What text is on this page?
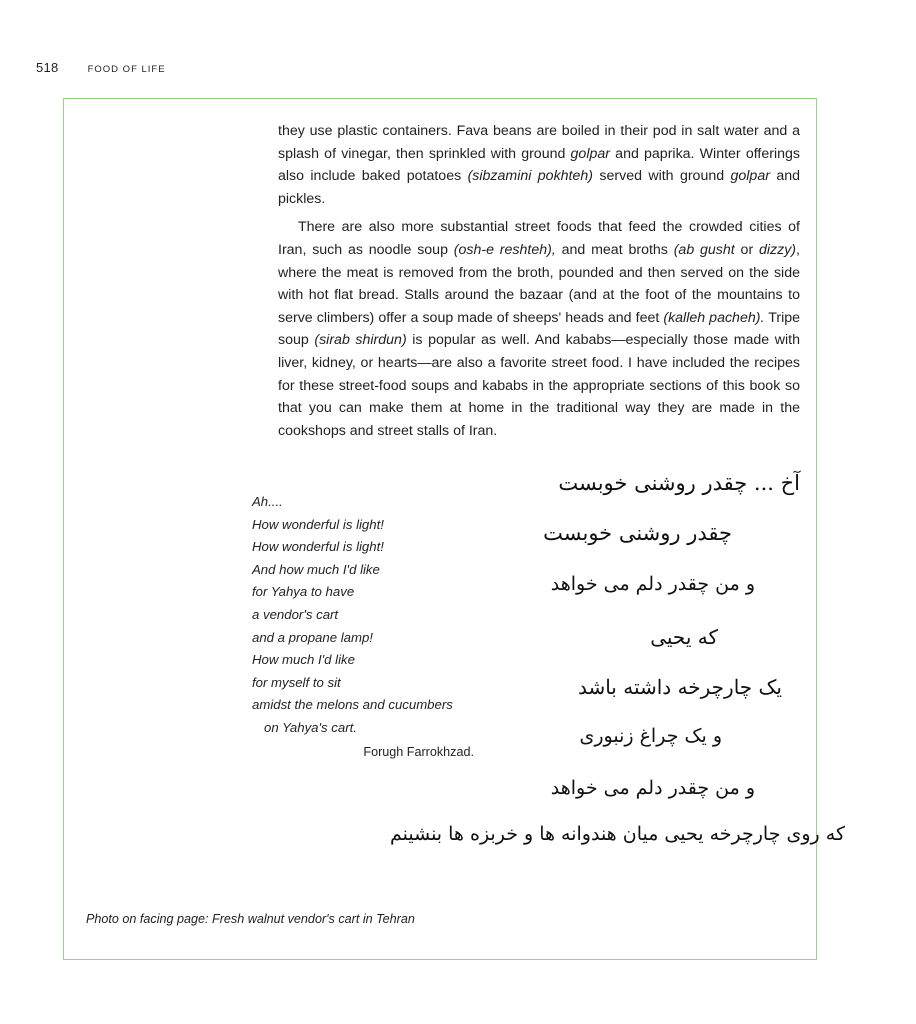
518	FOOD OF LIFE

they use plastic containers. Fava beans are boiled in their pod in salt water and a splash of vinegar, then sprinkled with ground golpar and paprika. Winter offerings also include baked potatoes (sibzamini pokhteh) served with ground golpar and pickles.

There are also more substantial street foods that feed the crowded cities of Iran, such as noodle soup (osh-e reshteh), and meat broths (ab gusht or dizzy), where the meat is removed from the broth, pounded and then served on the side with hot flat bread. Stalls around the bazaar (and at the foot of the mountains to serve climbers) offer a soup made of sheeps' heads and feet (kalleh pacheh). Tripe soup (sirab shirdun) is popular as well. And kababs—especially those made with liver, kidney, or hearts—are also a favorite street food. I have included the recipes for these street-food soups and kababs in the appropriate sections of this book so that you can make them at home in the traditional way they are made in the cookshops and street stalls of Iran.

Ah....
How wonderful is light!
How wonderful is light!
And how much I'd like
for Yahya to have
a vendor's cart
and a propane lamp!
How much I'd like
for myself to sit
amidst the melons and cucumbers
on Yahya's cart.
Forugh Farrokhzad.
آخ ... چقدر روشنی خوبست
چقدر روشنی خوبست
و من چقدر دلم می خواهد
که یحیی
یک چارچرخه داشته باشد
و یک چراغ زنبوری
و من چقدر دلم می خواهد
که روی چارچرخه یحیی میان هندوانه ها و خربزه ها بنشینم
Photo on facing page: Fresh walnut vendor's cart in Tehran
